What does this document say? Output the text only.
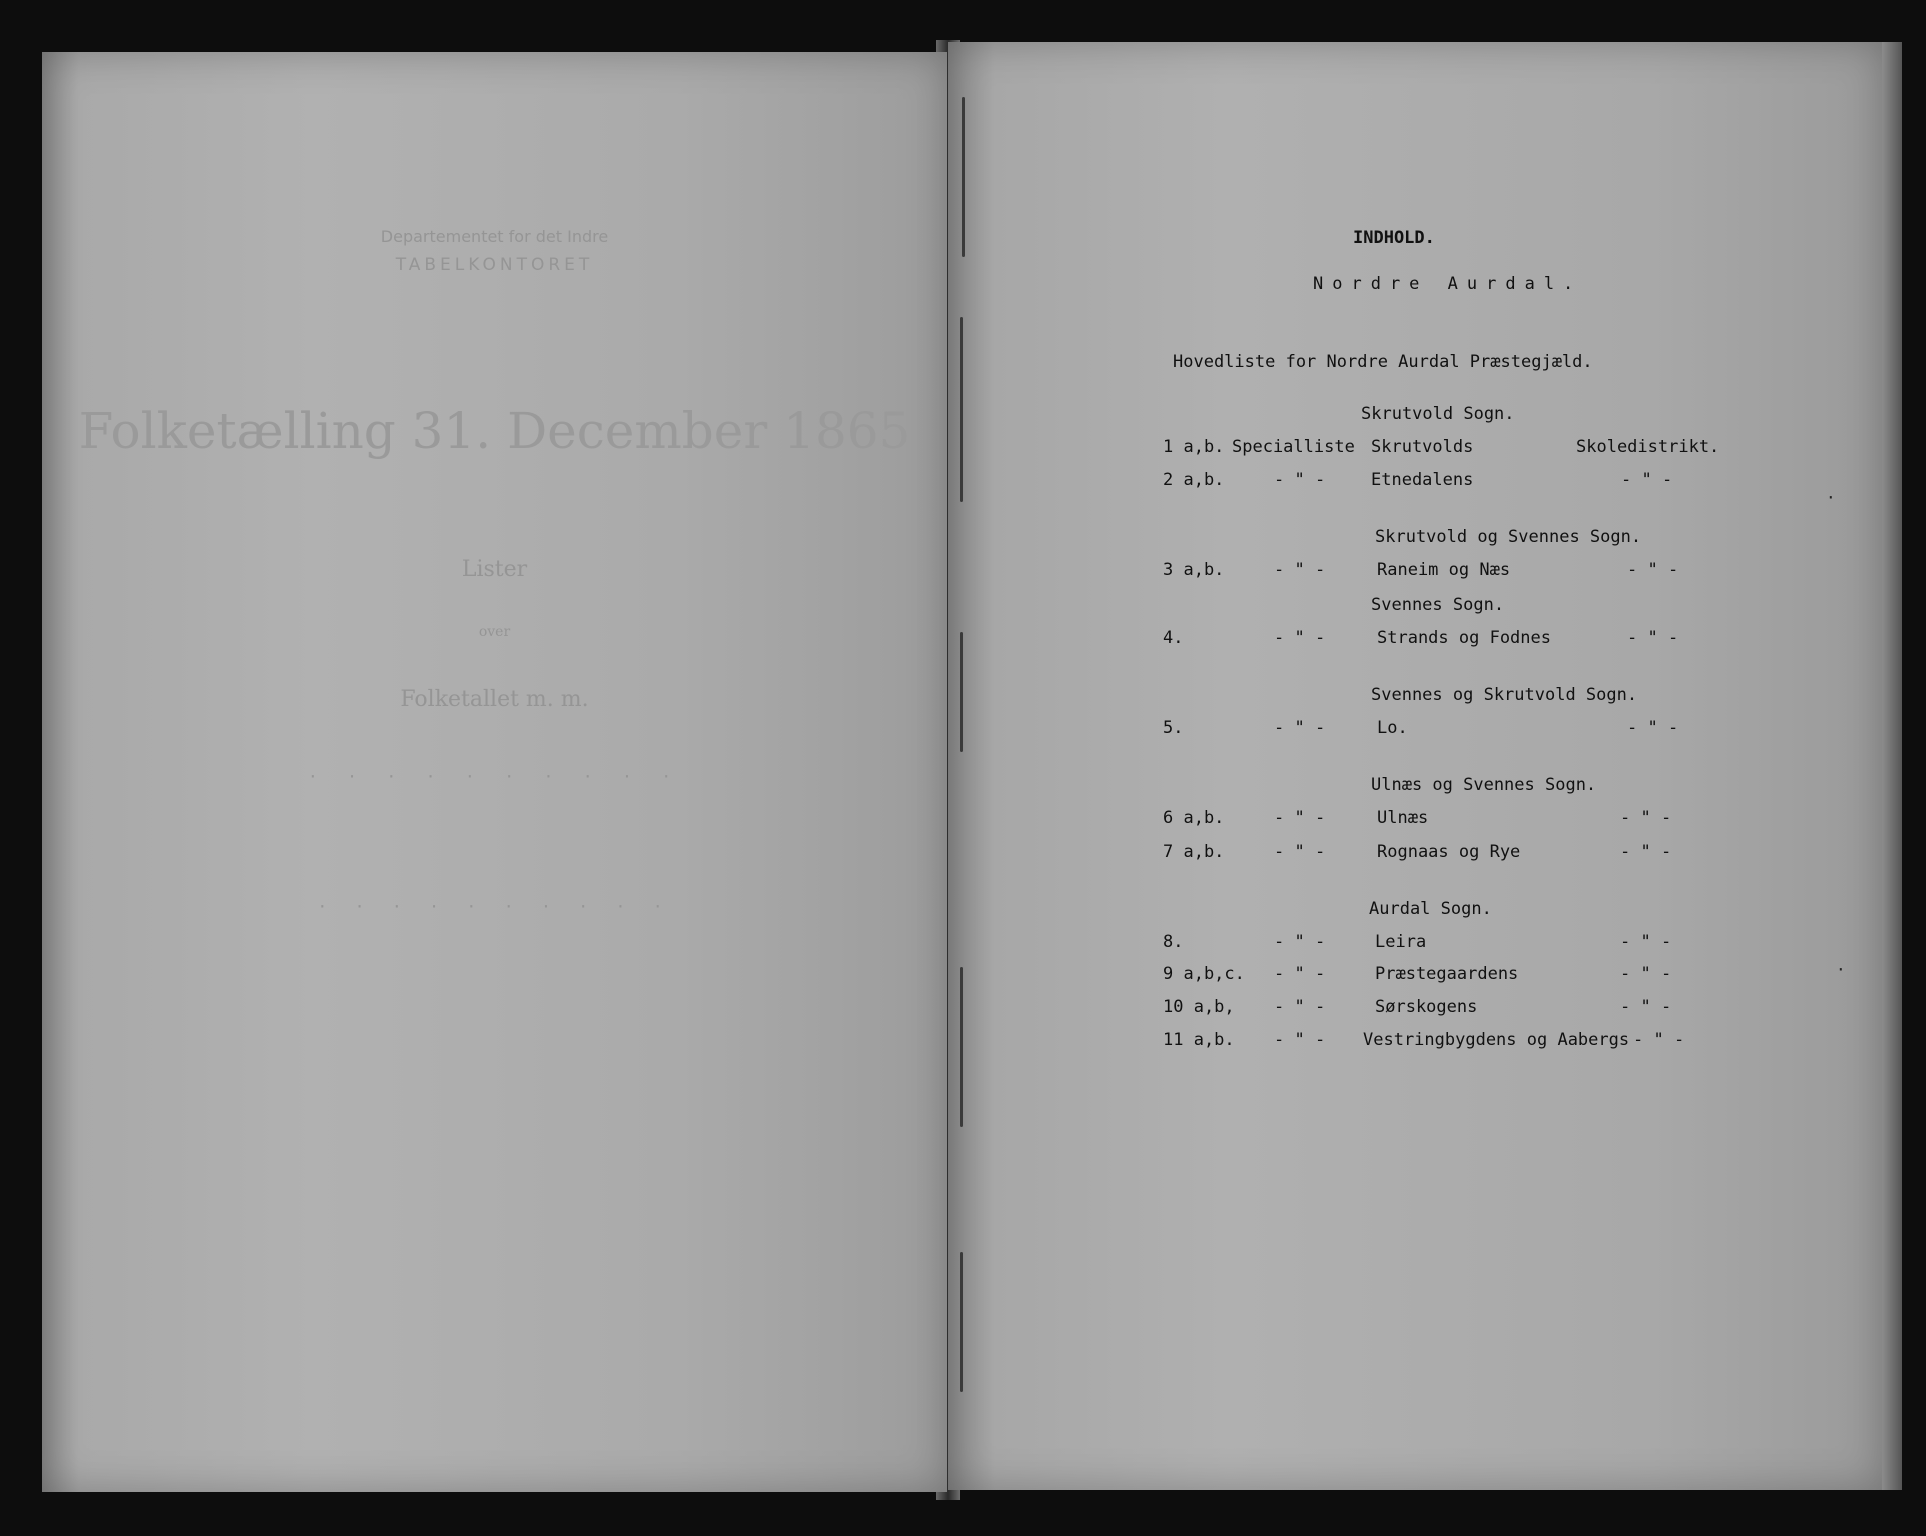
Departementet for det Indre
TABELKONTORET
Folketælling 31. December 1865
Lister
over
Folketallet m. m.
· · · · · · · · · ·
· · · · · · · · · ·
INDHOLD.
Nordre Aurdal.
Hovedliste for Nordre Aurdal Præstegjæld.
Skrutvold Sogn.
1 a,b. Specialliste Skrutvolds	Skoledistrikt.
2 a,b.	- " -	Etnedalens	- " -
Skrutvold og Svennes Sogn.
3 a,b.	- " -	Raneim og Næs	- " -
Svennes Sogn.
4.	- " -	Strands og Fodnes	- " -
Svennes og Skrutvold Sogn.
5.	- " -	Lo.	- " -
Ulnæs og Svennes Sogn.
6 a,b.	- " -	Ulnæs	- " -
7 a,b.	- " -	Rognaas og Rye	- " -
Aurdal Sogn.
8.	- " -	Leira	- " -
9 a,b,c. - " -	Præstegaardens	- " -
10 a,b, - " -	Sørskogens	- " -
11 a,b. - " - Vestringbygdens og Aabergs - " -
·
·
